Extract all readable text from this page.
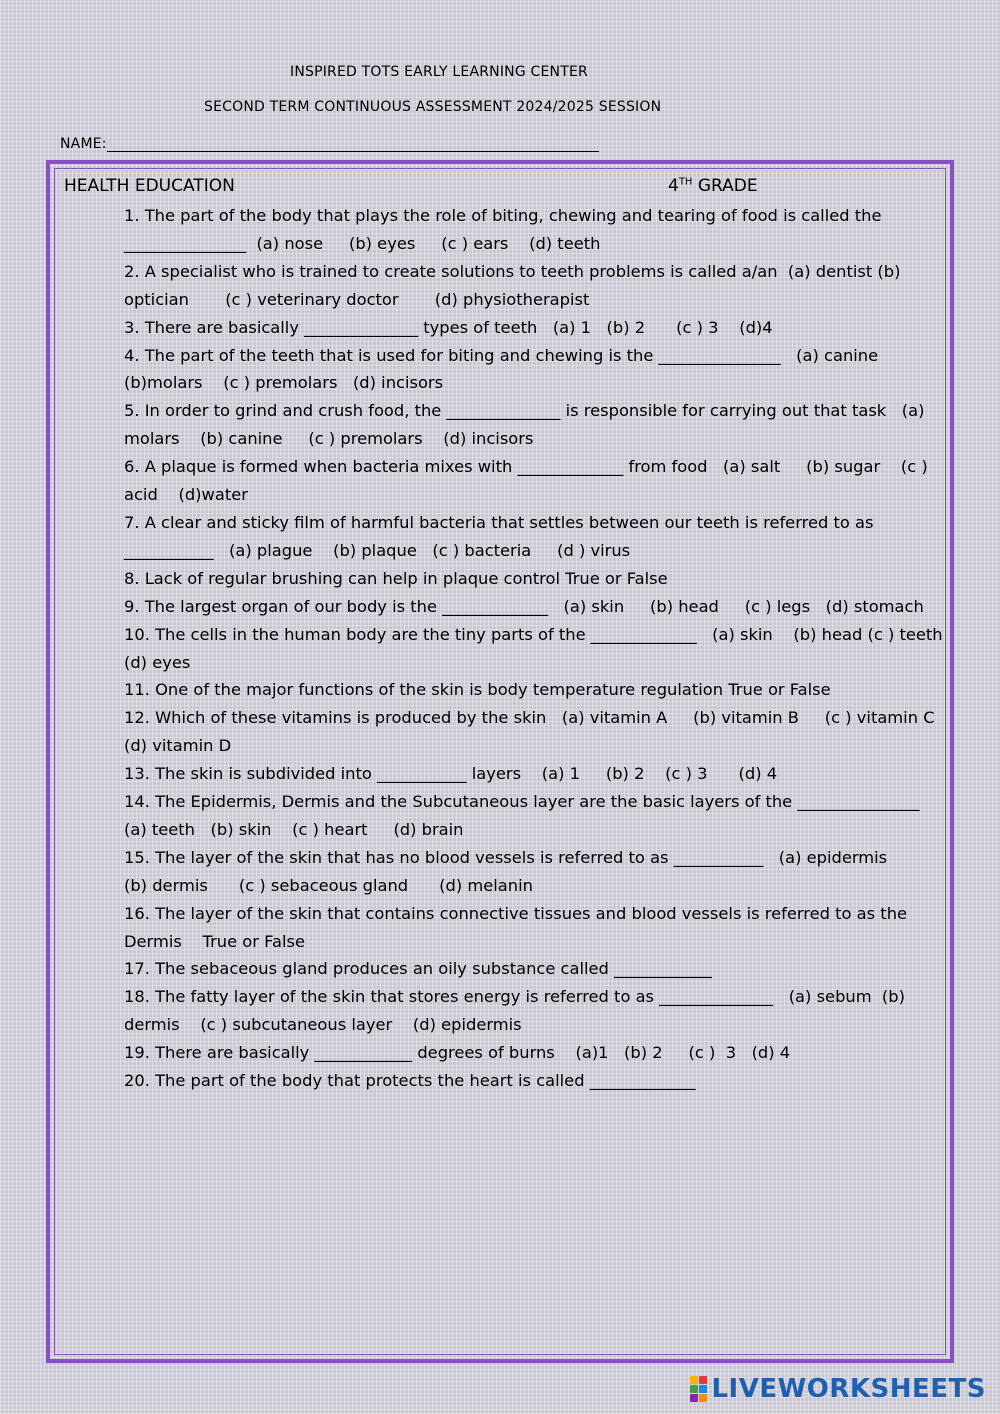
INSPIRED TOTS EARLY LEARNING CENTER
SECOND TERM CONTINUOUS ASSESSMENT 2024/2025 SESSION
NAME:
HEALTH EDUCATION	4TH GRADE

1. The part of the body that plays the role of biting, chewing and tearing of food is called the _______________  (a) nose     (b) eyes     (c ) ears    (d) teeth

2. A specialist who is trained to create solutions to teeth problems is called a/an  (a) dentist (b) optician       (c ) veterinary doctor       (d) physiotherapist

3. There are basically ______________ types of teeth   (a) 1   (b) 2      (c ) 3    (d)4

4. The part of the teeth that is used for biting and chewing is the _______________   (a) canine     (b)molars    (c ) premolars   (d) incisors

5. In order to grind and crush food, the ______________ is responsible for carrying out that task   (a) molars    (b) canine     (c ) premolars    (d) incisors

6. A plaque is formed when bacteria mixes with _____________ from food   (a) salt     (b) sugar    (c ) acid    (d)water

7. A clear and sticky film of harmful bacteria that settles between our teeth is referred to as ___________   (a) plague    (b) plaque   (c ) bacteria     (d ) virus

8. Lack of regular brushing can help in plaque control True or False

9. The largest organ of our body is the _____________   (a) skin     (b) head     (c ) legs   (d) stomach

10. The cells in the human body are the tiny parts of the _____________   (a) skin    (b) head (c ) teeth    (d) eyes

11. One of the major functions of the skin is body temperature regulation True or False

12. Which of these vitamins is produced by the skin   (a) vitamin A     (b) vitamin B     (c ) vitamin C     (d) vitamin D

13. The skin is subdivided into ___________ layers    (a) 1     (b) 2    (c ) 3      (d) 4

14. The Epidermis, Dermis and the Subcutaneous layer are the basic layers of the _______________    (a) teeth   (b) skin    (c ) heart     (d) brain

15. The layer of the skin that has no blood vessels is referred to as ___________   (a) epidermis        (b) dermis      (c ) sebaceous gland      (d) melanin

16. The layer of the skin that contains connective tissues and blood vessels is referred to as the Dermis    True or False

17. The sebaceous gland produces an oily substance called ____________

18. The fatty layer of the skin that stores energy is referred to as ______________   (a) sebum  (b) dermis    (c ) subcutaneous layer    (d) epidermis

19. There are basically ____________ degrees of burns    (a)1   (b) 2     (c )  3   (d) 4

20. The part of the body that protects the heart is called _____________

LIVEWORKSHEETS
